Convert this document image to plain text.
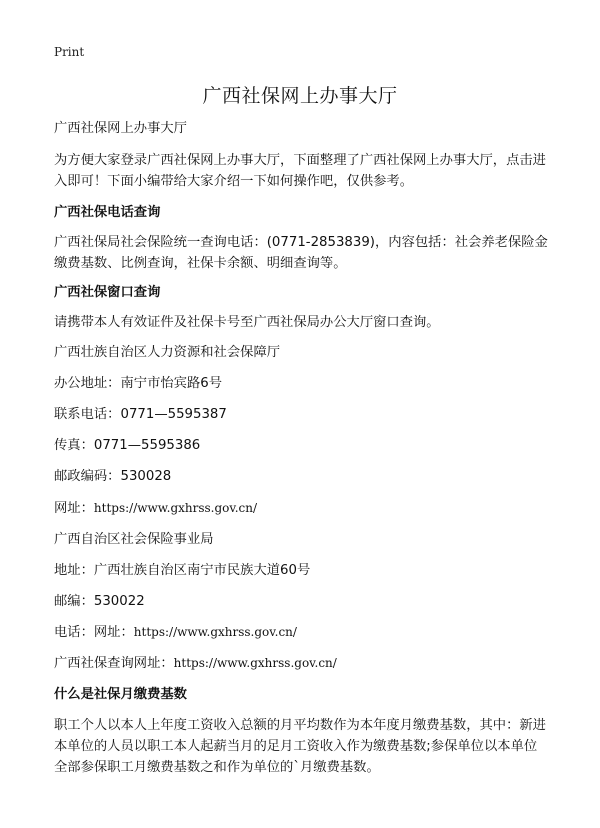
Print
广西社保网上办事大厅

广西社保网上办事大厅

为方便大家登录广西社保网上办事大厅，下面整理了广西社保网上办事大厅，点击进入即可！下面小编带给大家介绍一下如何操作吧，仅供参考。

广西社保电话查询

广西社保局社会保险统一查询电话：(0771-2853839)，内容包括：社会养老保险金缴费基数、比例查询，社保卡余额、明细查询等。

广西社保窗口查询

请携带本人有效证件及社保卡号至广西社保局办公大厅窗口查询。

广西壮族自治区人力资源和社会保障厅

办公地址：南宁市怡宾路6号

联系电话：0771—5595387

传真：0771—5595386

邮政编码：530028

网址：https://www.gxhrss.gov.cn/

广西自治区社会保险事业局

地址：广西壮族自治区南宁市民族大道60号

邮编：530022

电话：网址：https://www.gxhrss.gov.cn/

广西社保查询网址：https://www.gxhrss.gov.cn/

什么是社保月缴费基数

职工个人以本人上年度工资收入总额的月平均数作为本年度月缴费基数，其中：新进本单位的人员以职工本人起薪当月的足月工资收入作为缴费基数;参保单位以本单位全部参保职工月缴费基数之和作为单位的`月缴费基数。
